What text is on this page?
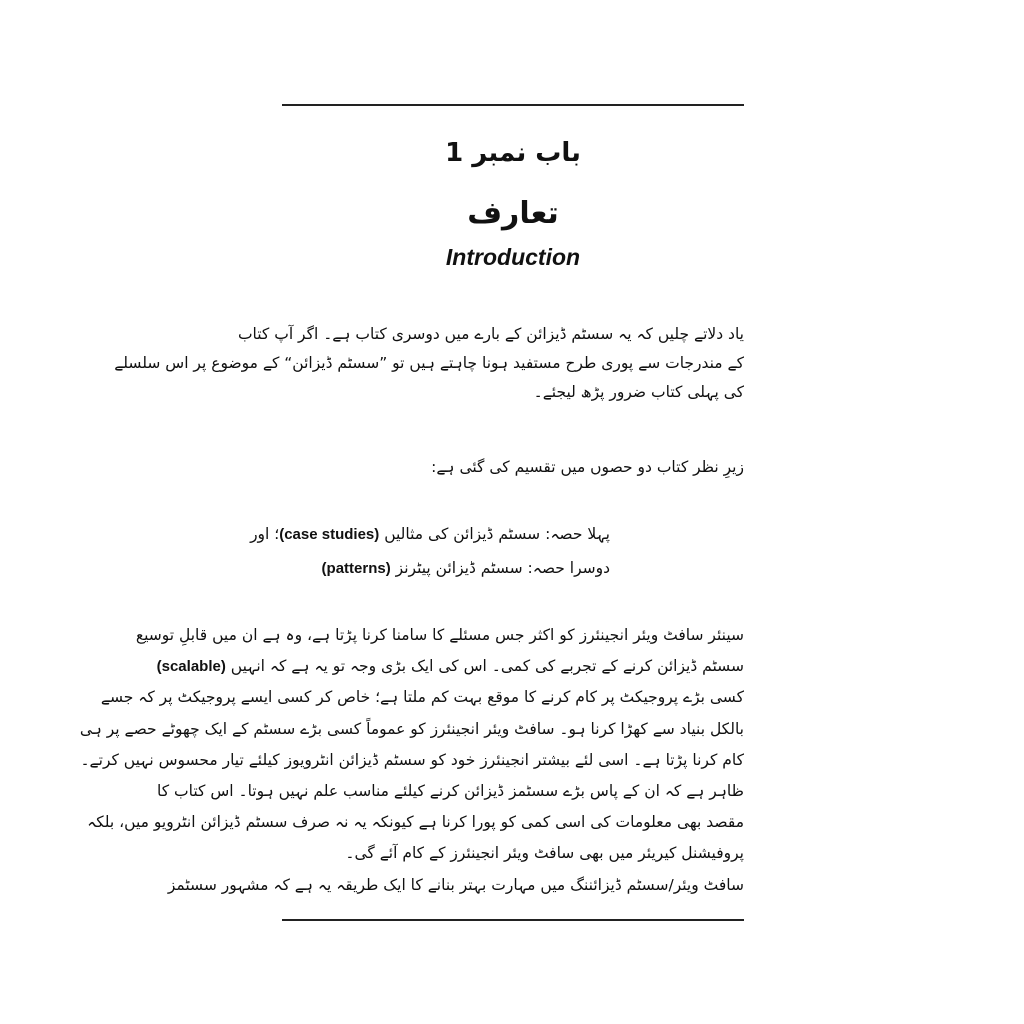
باب نمبر 1
تعارف
Introduction
یاد دلاتے چلیں کہ یہ سسٹم ڈیزائن کے بارے میں دوسری کتاب ہے۔ اگر آپ کتاب
کے مندرجات سے پوری طرح مستفید ہونا چاہتے ہیں تو ”سسٹم ڈیزائن“ کے موضوع پر اس سلسلے
کی پہلی کتاب ضرور پڑھ لیجئے۔
زیرِ نظر کتاب دو حصوں میں تقسیم کی گئی ہے:
پہلا حصہ: سسٹم ڈیزائن کی مثالیں (case studies)؛ اور
دوسرا حصہ: سسٹم ڈیزائن پیٹرنز (patterns)
سینئر سافٹ ویئر انجینئرز کو اکثر جس مسئلے کا سامنا کرنا پڑتا ہے، وہ ہے ان میں قابلِ توسیع
سسٹم ڈیزائن کرنے کے تجربے کی کمی۔ اس کی ایک بڑی وجہ تو یہ ہے کہ انہیں (scalable)
کسی بڑے پروجیکٹ پر کام کرنے کا موقع بہت کم ملتا ہے؛ خاص کر کسی ایسے پروجیکٹ پر کہ جسے
بالکل بنیاد سے کھڑا کرنا ہو۔ سافٹ ویئر انجینئرز کو عموماً کسی بڑے سسٹم کے ایک چھوٹے حصے پر ہی
کام کرنا پڑتا ہے۔ اسی لئے بیشتر انجینئرز خود کو سسٹم ڈیزائن انٹرویوز کیلئے تیار محسوس نہیں کرتے۔
ظاہر ہے کہ ان کے پاس بڑے سسٹمز ڈیزائن کرنے کیلئے مناسب علم نہیں ہوتا۔ اس کتاب کا
مقصد بھی معلومات کی اسی کمی کو پورا کرنا ہے کیونکہ یہ نہ صرف سسٹم ڈیزائن انٹرویو میں، بلکہ
پروفیشنل کیریئر میں بھی سافٹ ویئر انجینئرز کے کام آئے گی۔
سافٹ ویئر/سسٹم ڈیزائننگ میں مہارت بہتر بنانے کا ایک طریقہ یہ ہے کہ مشہور سسٹمز
